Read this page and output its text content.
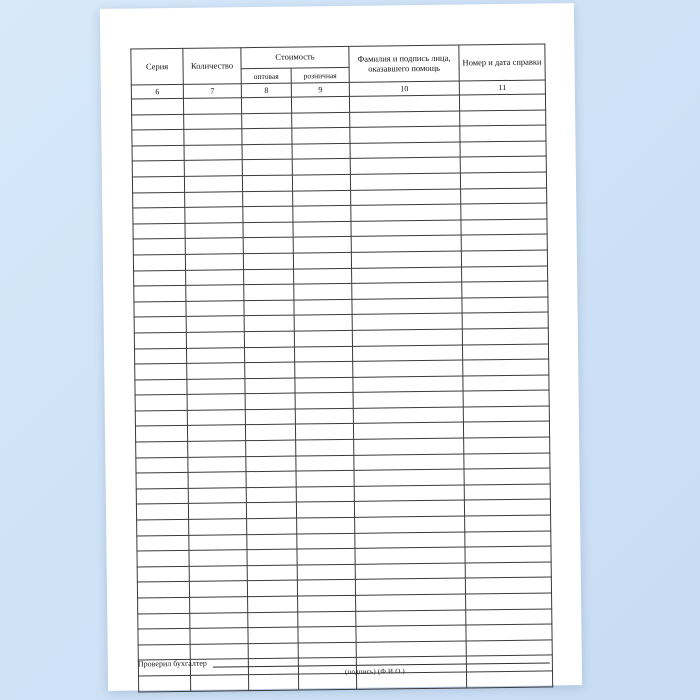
Серия	Количество	Стоимость		Фамилия и подпись лица, оказавшего помощь	Номер и дата справки
		оптовая	розничная		
6	7	8	9	10	11

Проверил бухгалтер
(подпись) (Ф.И.О.)
